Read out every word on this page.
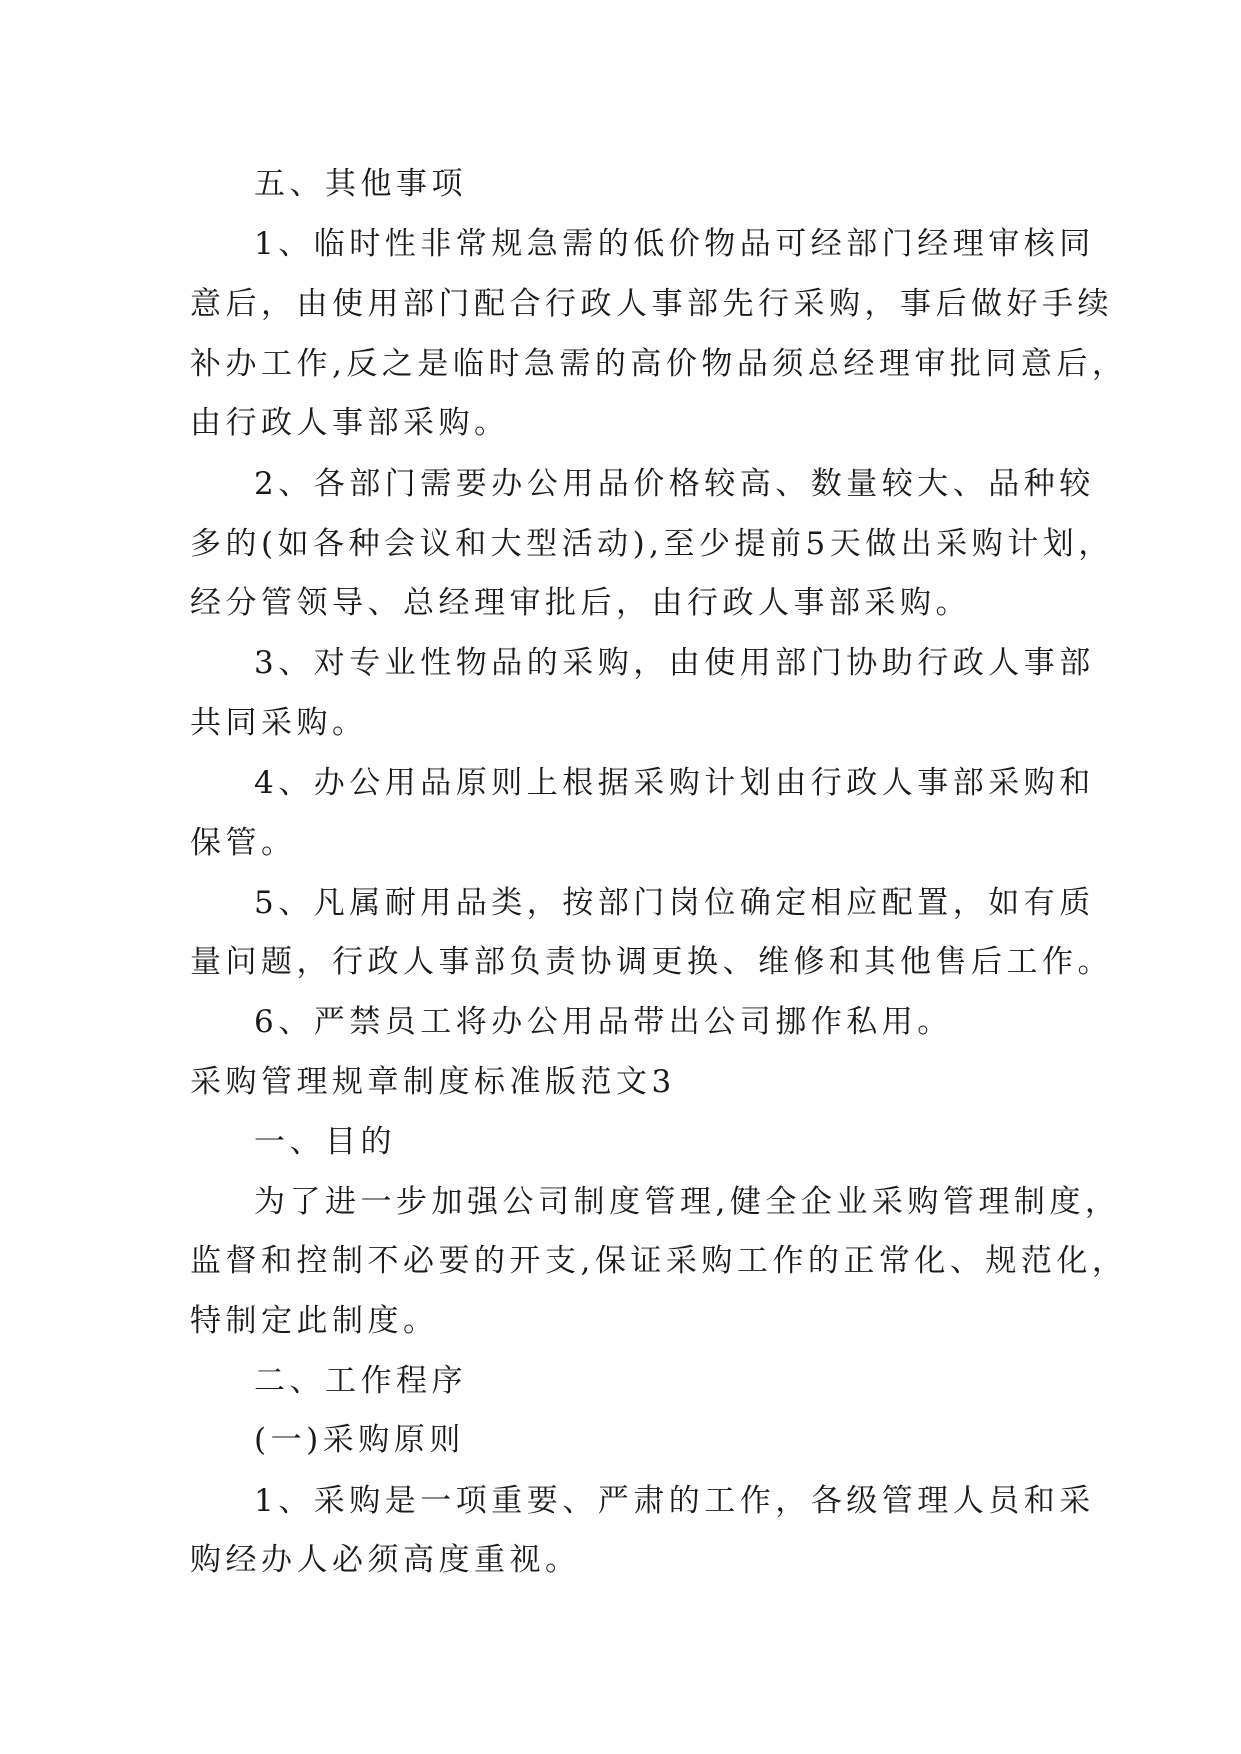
五、其他事项
1、临时性非常规急需的低价物品可经部门经理审核同
意后，由使用部门配合行政人事部先行采购，事后做好手续
补办工作,反之是临时急需的高价物品须总经理审批同意后，
由行政人事部采购。
2、各部门需要办公用品价格较高、数量较大、品种较
多的(如各种会议和大型活动),至少提前5天做出采购计划，
经分管领导、总经理审批后，由行政人事部采购。
3、对专业性物品的采购，由使用部门协助行政人事部
共同采购。
4、办公用品原则上根据采购计划由行政人事部采购和
保管。
5、凡属耐用品类，按部门岗位确定相应配置，如有质
量问题，行政人事部负责协调更换、维修和其他售后工作。
6、严禁员工将办公用品带出公司挪作私用。
采购管理规章制度标准版范文3
一、目的
为了进一步加强公司制度管理,健全企业采购管理制度，
监督和控制不必要的开支,保证采购工作的正常化、规范化，
特制定此制度。
二、工作程序
(一)采购原则
1、采购是一项重要、严肃的工作，各级管理人员和采
购经办人必须高度重视。
